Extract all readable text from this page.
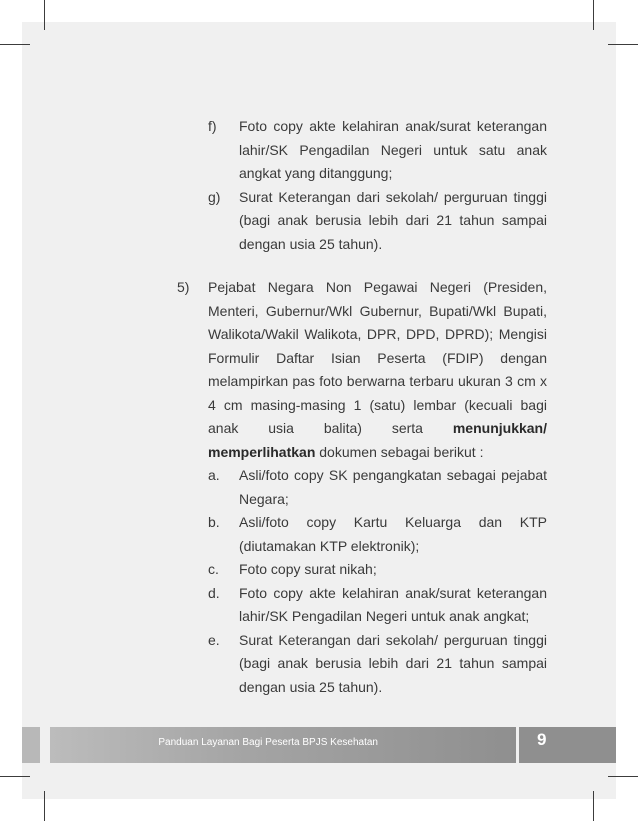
f)	Foto copy akte kelahiran anak/surat keterangan lahir/SK Pengadilan Negeri untuk satu anak angkat yang ditanggung;
g)	Surat Keterangan dari sekolah/ perguruan tinggi (bagi anak berusia lebih dari 21 tahun sampai dengan usia 25 tahun).
5)	Pejabat Negara Non Pegawai Negeri (Presiden, Menteri, Gubernur/Wkl Gubernur, Bupati/Wkl Bupati, Walikota/Wakil Walikota, DPR, DPD, DPRD); Mengisi Formulir Daftar Isian Peserta (FDIP) dengan melampirkan pas foto berwarna terbaru ukuran 3 cm x 4 cm masing-masing 1 (satu) lembar (kecuali bagi anak usia balita) serta menunjukkan/ memperlihatkan dokumen sebagai berikut :
a.	Asli/foto copy SK pengangkatan sebagai pejabat Negara;
b.	Asli/foto copy Kartu Keluarga dan KTP (diutamakan KTP elektronik);
c.	Foto copy surat nikah;
d.	Foto copy akte kelahiran anak/surat keterangan lahir/SK Pengadilan Negeri untuk anak angkat;
e.	Surat Keterangan dari sekolah/ perguruan tinggi (bagi anak berusia lebih dari 21 tahun sampai dengan usia 25 tahun).
Panduan Layanan Bagi Peserta BPJS Kesehatan	9
